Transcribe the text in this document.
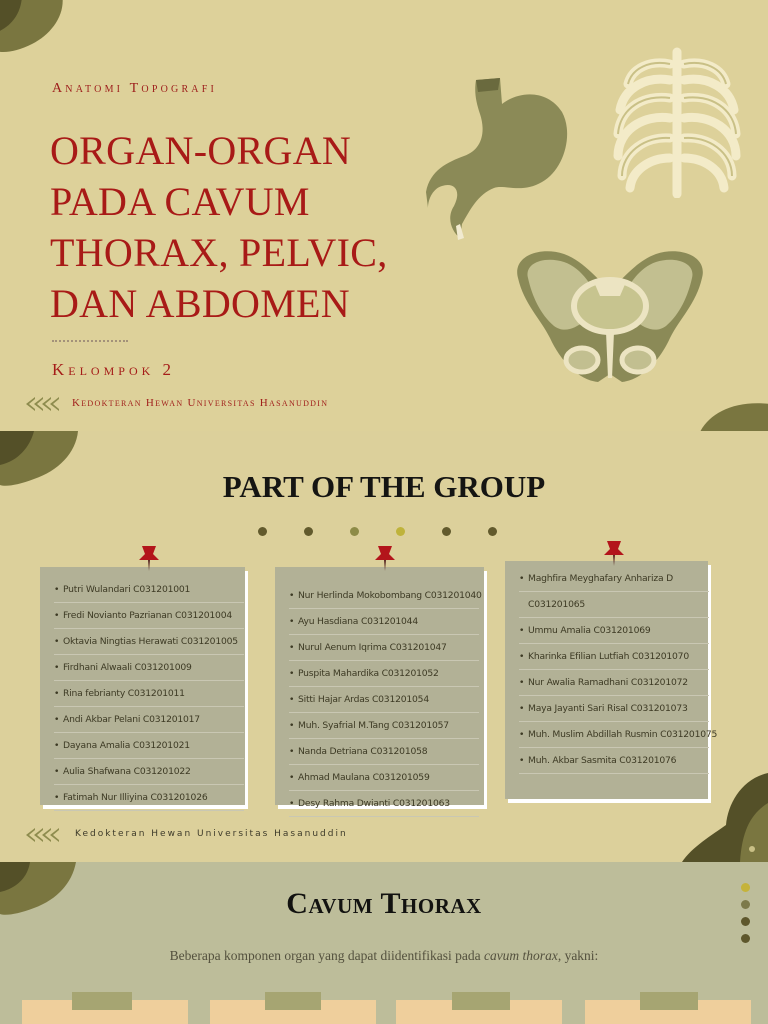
Anatomi Topografi
ORGAN-ORGAN PADA CAVUM THORAX, PELVIC, DAN ABDOMEN
Kelompok 2
Kedokteran Hewan Universitas Hasanuddin
PART OF THE GROUP
• Putri Wulandari C031201001
• Fredi Novianto Pazrianan C031201004
• Oktavia Ningtias Herawati C031201005
• Firdhani Alwaali C031201009
• Rina febrianty C031201011
• Andi Akbar Pelani C031201017
• Dayana Amalia C031201021
• Aulia Shafwana C031201022
• Fatimah Nur Illiyina C031201026
• Nur Herlinda Mokobombang C031201040
• Ayu Hasdiana C031201044
• Nurul Aenum Iqrima C031201047
• Puspita Mahardika C031201052
• Sitti Hajar Ardas C031201054
• Muh. Syafrial M.Tang C031201057
• Nanda Detriana C031201058
• Ahmad Maulana C031201059
• Desy Rahma Dwianti C031201063
• Maghfira Meyghafary Anhariza D
C031201065
• Ummu Amalia C031201069
• Kharinka Efilian Lutfiah C031201070
• Nur Awalia Ramadhani C031201072
• Maya Jayanti Sari Risal C031201073
• Muh. Muslim Abdillah Rusmin C031201075
• Muh. Akbar Sasmita C031201076
Kedokteran Hewan Universitas Hasanuddin
Cavum Thorax

Beberapa komponen organ yang dapat diidentifikasi pada cavum thorax, yakni:
